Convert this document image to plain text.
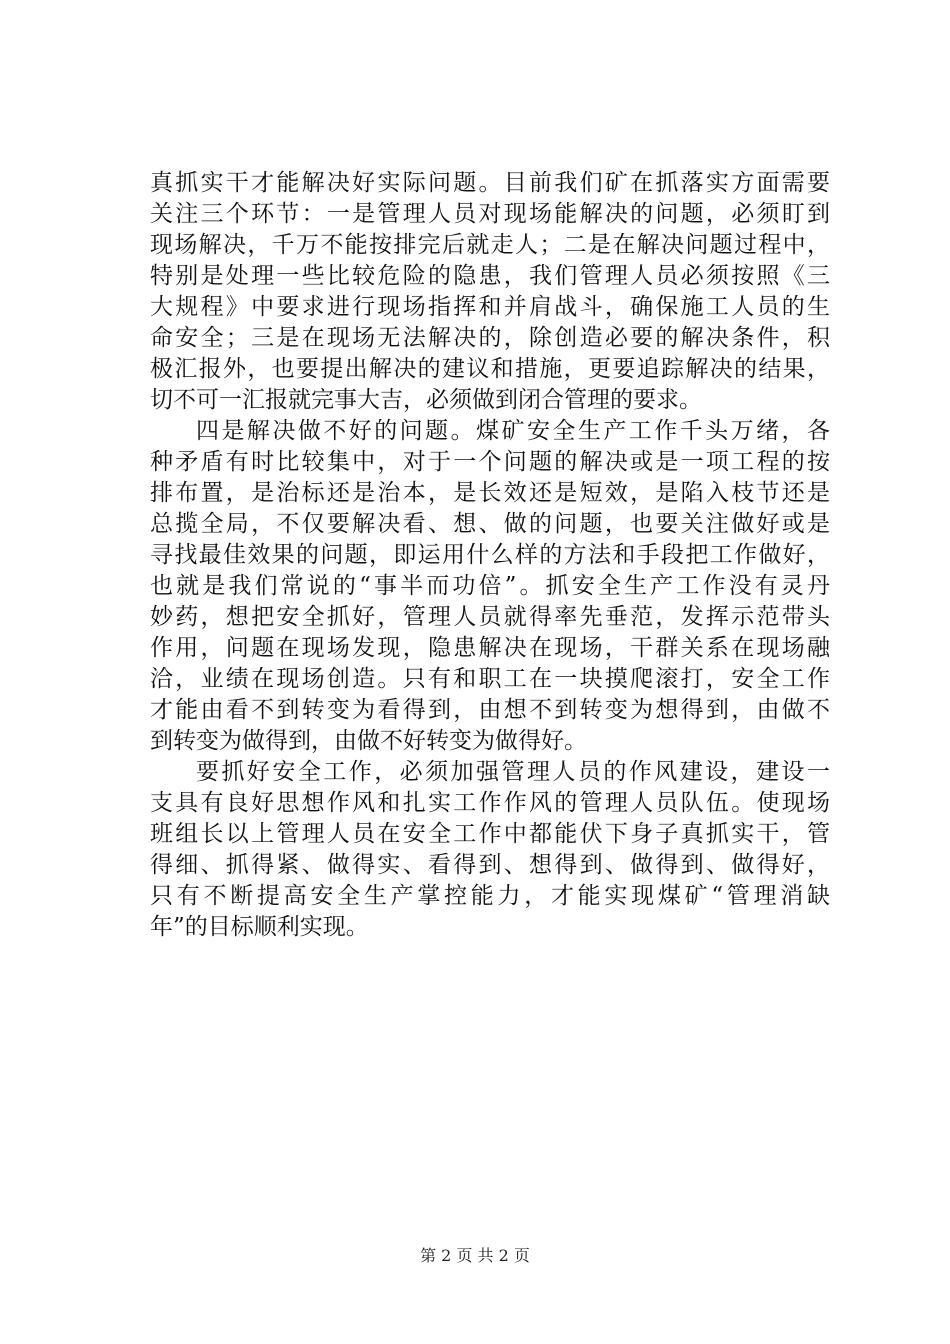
真抓实干才能解决好实际问题。目前我们矿在抓落实方面需要
关注三个环节：一是管理人员对现场能解决的问题，必须盯到
现场解决，千万不能按排完后就走人；二是在解决问题过程中，
特别是处理一些比较危险的隐患，我们管理人员必须按照《三
大规程》中要求进行现场指挥和并肩战斗，确保施工人员的生
命安全；三是在现场无法解决的，除创造必要的解决条件，积
极汇报外，也要提出解决的建议和措施，更要追踪解决的结果，
切不可一汇报就完事大吉，必须做到闭合管理的要求。
四是解决做不好的问题。煤矿安全生产工作千头万绪，各
种矛盾有时比较集中，对于一个问题的解决或是一项工程的按
排布置，是治标还是治本，是长效还是短效，是陷入枝节还是
总揽全局，不仅要解决看、想、做的问题，也要关注做好或是
寻找最佳效果的问题，即运用什么样的方法和手段把工作做好，
也就是我们常说的“事半而功倍”。抓安全生产工作没有灵丹
妙药，想把安全抓好，管理人员就得率先垂范，发挥示范带头
作用，问题在现场发现，隐患解决在现场，干群关系在现场融
洽，业绩在现场创造。只有和职工在一块摸爬滚打，安全工作
才能由看不到转变为看得到，由想不到转变为想得到，由做不
到转变为做得到，由做不好转变为做得好。
要抓好安全工作，必须加强管理人员的作风建设，建设一
支具有良好思想作风和扎实工作作风的管理人员队伍。使现场
班组长以上管理人员在安全工作中都能伏下身子真抓实干，管
得细、抓得紧、做得实、看得到、想得到、做得到、做得好，
只有不断提高安全生产掌控能力，才能实现煤矿“管理消缺
年”的目标顺利实现。
第 2 页 共 2 页
